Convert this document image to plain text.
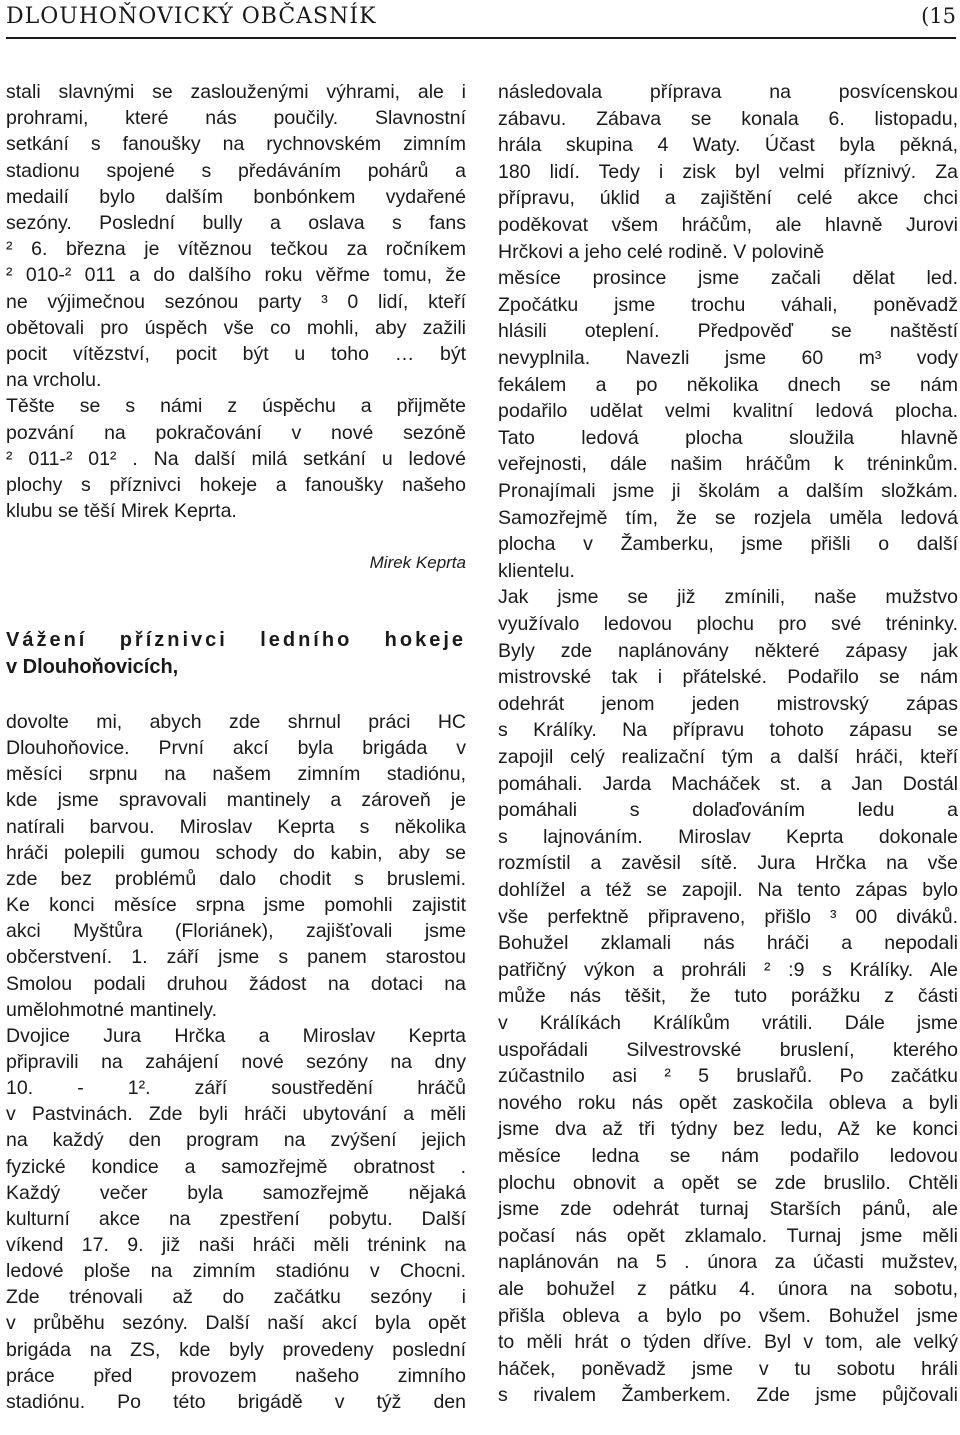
DLOUHOŇOVICKÝ OBČASNÍK	(15
stali slavnými se zaslouženými výhrami, ale i
prohrami, které nás poučily. Slavnostní
setkání s fanoušky na rychnovském zimním
stadionu spojené s předáváním pohárů a
medailí bylo dalším bonbónkem vydařené
sezóny. Poslední bully a oslava s fans
² 6. března je vítěznou tečkou za ročníkem
² 010-² 011 a do dalšího roku věřme tomu, že
ne výjimečnou sezónou party ³ 0 lidí, kteří
obětovali pro úspěch vše co mohli, aby zažili
pocit vítězství, pocit být u toho … být
na vrcholu.
Těšte se s námi z úspěchu a přijměte
pozvání na pokračování v nové sezóně
² 011-² 01² . Na další milá setkání u ledové
plochy s příznivci hokeje a fanoušky našeho
klubu se těší Mirek Keprta.
Mirek Keprta
Vážení příznivci ledního hokeje
v Dlouhoňovicích,
dovolte mi, abych zde shrnul práci HC
Dlouhoňovice. První akcí byla brigáda v
měsíci srpnu na našem zimním stadiónu,
kde jsme spravovali mantinely a zároveň je
natírali barvou. Miroslav Keprta s několika
hráči polepili gumou schody do kabin, aby se
zde bez problémů dalo chodit s bruslemi.
Ke konci měsíce srpna jsme pomohli zajistit
akci Myštůra (Floriánek), zajišťovali jsme
občerstvení. 1. září jsme s panem starostou
Smolou podali druhou žádost na dotaci na
umělohmotné mantinely.
Dvojice Jura Hrčka a Miroslav Keprta
připravili na zahájení nové sezóny na dny
10. - 1². září soustředění hráčů
v Pastvinách. Zde byli hráči ubytování a měli
na každý den program na zvýšení jejich
fyzické kondice a samozřejmě obratnost .
Každý večer byla samozřejmě nějaká
kulturní akce na zpestření pobytu. Další
víkend 17. 9. již naši hráči měli trénink na
ledové ploše na zimním stadiónu v Chocni.
Zde trénovali až do začátku sezóny i
v průběhu sezóny. Další naší akcí byla opět
brigáda na ZS, kde byly provedeny poslední
práce před provozem našeho zimního
stadiónu. Po této brigádě v týž den
následovala příprava na posvícenskou
zábavu. Zábava se konala 6. listopadu,
hrála skupina 4 Waty. Účast byla pěkná,
180 lidí. Tedy i zisk byl velmi příznivý. Za
přípravu, úklid a zajištění celé akce chci
poděkovat všem hráčům, ale hlavně Jurovi
Hrčkovi a jeho celé rodině. V polovině
měsíce prosince jsme začali dělat led.
Zpočátku jsme trochu váhali, poněvadž
hlásili oteplení. Předpověď se naštěstí
nevyplnila. Navezli jsme 60 m³ vody
fekálem a po několika dnech se nám
podařilo udělat velmi kvalitní ledová plocha.
Tato ledová plocha sloužila hlavně
veřejnosti, dále našim hráčům k tréninkům.
Pronajímali jsme ji školám a dalším složkám.
Samozřejmě tím, že se rozjela uměla ledová
plocha v Žamberku, jsme přišli o další
klientelu.
Jak jsme se již zmínili, naše mužstvo
využívalo ledovou plochu pro své tréninky.
Byly zde naplánovány některé zápasy jak
mistrovské tak i přátelské. Podařilo se nám
odehrát jenom jeden mistrovský zápas
s Králíky. Na přípravu tohoto zápasu se
zapojil celý realizační tým a další hráči, kteří
pomáhali. Jarda Macháček st. a Jan Dostál
pomáhali s dolaďováním ledu a
s lajnováním. Miroslav Keprta dokonale
rozmístil a zavěsil sítě. Jura Hrčka na vše
dohlížel a též se zapojil. Na tento zápas bylo
vše perfektně připraveno, přišlo ³ 00 diváků.
Bohužel zklamali nás hráči a nepodali
patřičný výkon a prohráli ² :9 s Králíky. Ale
může nás těšit, že tuto porážku z části
v Králíkách Králíkům vrátili. Dále jsme
uspořádali Silvestrovské bruslení, kterého
zúčastnilo asi ² 5 bruslařů. Po začátku
nového roku nás opět zaskočila obleva a byli
jsme dva až tři týdny bez ledu, Až ke konci
měsíce ledna se nám podařilo ledovou
plochu obnovit a opět se zde bruslilo. Chtěli
jsme zde odehrát turnaj Starších pánů, ale
počasí nás opět zklamalo. Turnaj jsme měli
naplánován na 5 . února za účasti mužstev,
ale bohužel z pátku 4. února na sobotu,
přišla obleva a bylo po všem. Bohužel jsme
to měli hrát o týden dříve. Byl v tom, ale velký
háček, poněvadž jsme v tu sobotu hráli
s rivalem Žamberkem. Zde jsme půjčovali
